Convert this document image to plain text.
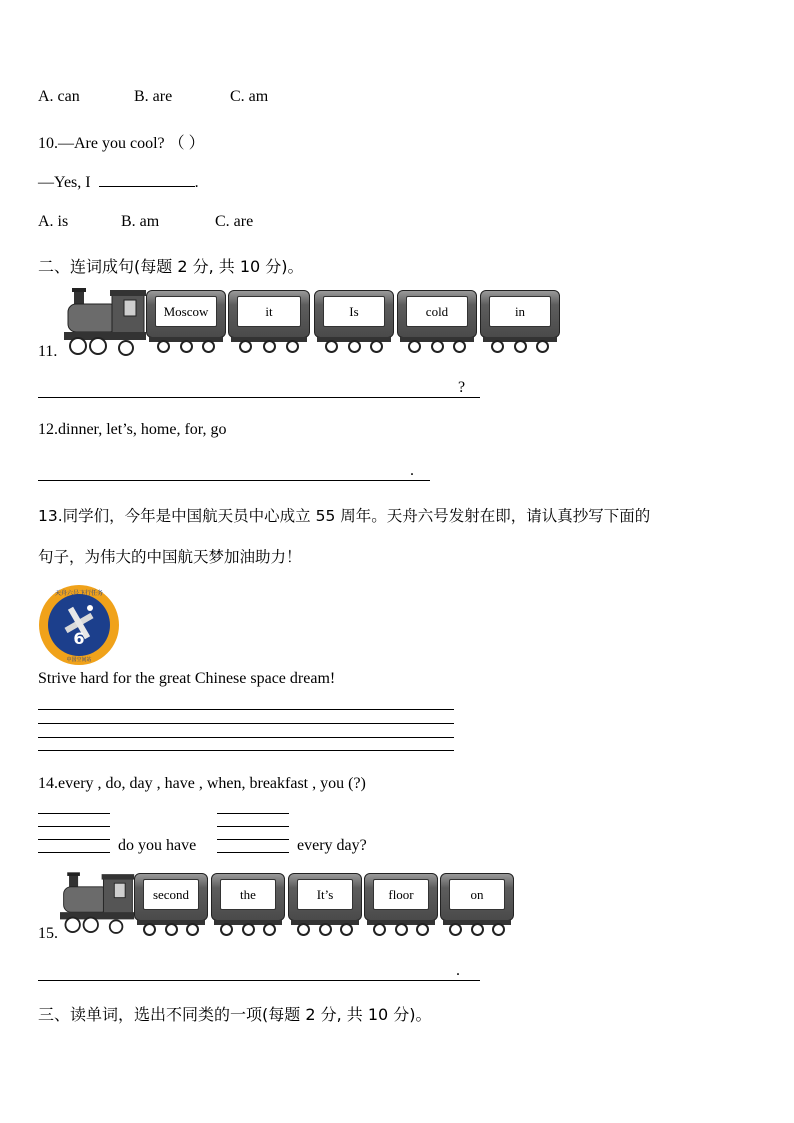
A. can	B. are	C. am
10.—Are you cool? （ ）
—Yes, I	.
A. is	B. am	C. are
二、连词成句(每题 2 分, 共 10 分)。
11.
Moscow	it	Is	cold	in
?
12.dinner, let’s, home, for, go
.
13.同学们，今年是中国航天员中心成立 55 周年。天舟六号发射在即，请认真抄写下面的
句子，为伟大的中国航天梦加油助力！
6
天舟六号飞行任务
中国空间站
Strive hard for the great Chinese space dream!
14.every , do, day , have , when, breakfast , you (?)
do you have	every day?
15.
second	the	It’s	floor	on
.
三、读单词，选出不同类的一项(每题 2 分, 共 10 分)。
